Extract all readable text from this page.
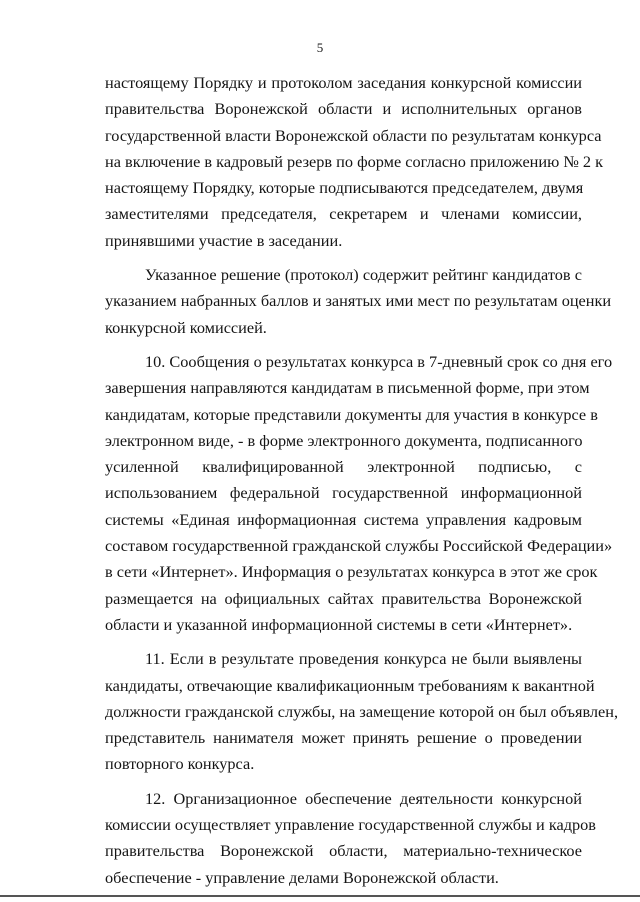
5
настоящему Порядку и протоколом заседания конкурсной комиссии
правительства Воронежской области и исполнительных органов
государственной власти Воронежской области по результатам конкурса
на включение в кадровый резерв по форме согласно приложению № 2 к
настоящему Порядку, которые подписываются председателем, двумя
заместителями председателя, секретарем и членами комиссии,
принявшими участие в заседании.
Указанное решение (протокол) содержит рейтинг кандидатов с
указанием набранных баллов и занятых ими мест по результатам оценки
конкурсной комиссией.
10. Сообщения о результатах конкурса в 7-дневный срок со дня его
завершения направляются кандидатам в письменной форме, при этом
кандидатам, которые представили документы для участия в конкурсе в
электронном виде, - в форме электронного документа, подписанного
усиленной квалифицированной электронной подписью, с
использованием федеральной государственной информационной
системы «Единая информационная система управления кадровым
составом государственной гражданской службы Российской Федерации»
в сети «Интернет». Информация о результатах конкурса в этот же срок
размещается на официальных сайтах правительства Воронежской
области и указанной информационной системы в сети «Интернет».
11. Если в результате проведения конкурса не были выявлены
кандидаты, отвечающие квалификационным требованиям к вакантной
должности гражданской службы, на замещение которой он был объявлен,
представитель нанимателя может принять решение о проведении
повторного конкурса.
12. Организационное обеспечение деятельности конкурсной
комиссии осуществляет управление государственной службы и кадров
правительства Воронежской области, материально-техническое
обеспечение - управление делами Воронежской области.
